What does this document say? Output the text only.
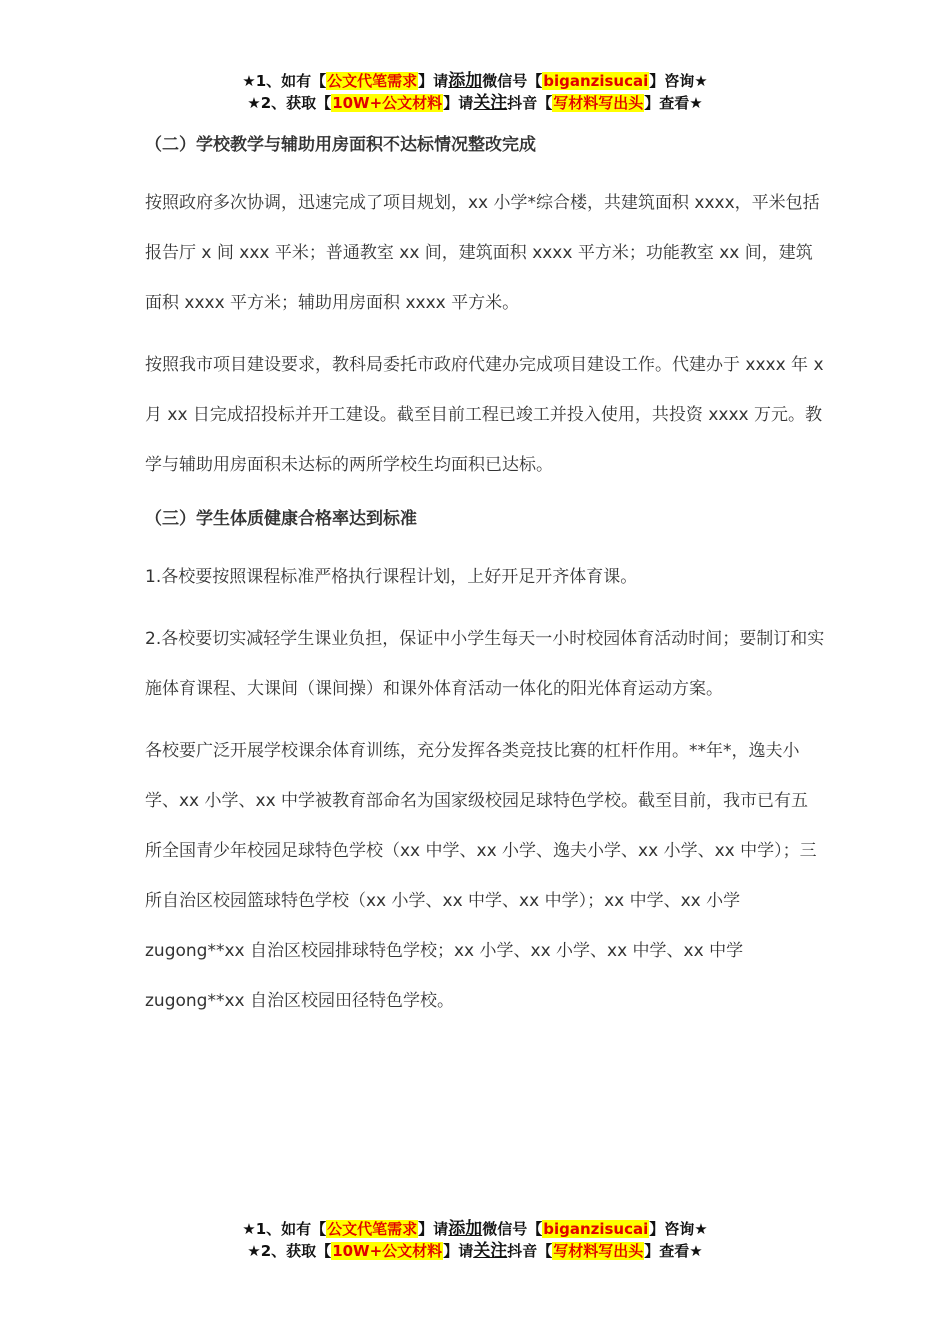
★1、如有【公文代笔需求】请添加微信号【biganzisucai】咨询★
★2、获取【10W+公文材料】请关注抖音【写材料写出头】查看★
（二）学校教学与辅助用房面积不达标情况整改完成

按照政府多次协调，迅速完成了项目规划，xx 小学*综合楼，共建筑面积 xxxx，平米包括报告厅 x 间 xxx 平米；普通教室 xx 间，建筑面积 xxxx 平方米；功能教室 xx 间，建筑面积 xxxx 平方米；辅助用房面积 xxxx 平方米。

按照我市项目建设要求，教科局委托市政府代建办完成项目建设工作。代建办于 xxxx 年 x 月 xx 日完成招投标并开工建设。截至目前工程已竣工并投入使用，共投资 xxxx 万元。教学与辅助用房面积未达标的两所学校生均面积已达标。

（三）学生体质健康合格率达到标准

1.各校要按照课程标准严格执行课程计划，上好开足开齐体育课。

2.各校要切实减轻学生课业负担，保证中小学生每天一小时校园体育活动时间；要制订和实施体育课程、大课间（课间操）和课外体育活动一体化的阳光体育运动方案。

各校要广泛开展学校课余体育训练，充分发挥各类竞技比赛的杠杆作用。**年*，逸夫小学、xx 小学、xx 中学被教育部命名为国家级校园足球特色学校。截至目前，我市已有五所全国青少年校园足球特色学校（xx 中学、xx 小学、逸夫小学、xx 小学、xx 中学）；三所自治区校园篮球特色学校（xx 小学、xx 中学、xx 中学）；xx 中学、xx 小学 zugong**xx 自治区校园排球特色学校；xx 小学、xx 小学、xx 中学、xx 中学 zugong**xx 自治区校园田径特色学校。

★1、如有【公文代笔需求】请添加微信号【biganzisucai】咨询★
★2、获取【10W+公文材料】请关注抖音【写材料写出头】查看★
